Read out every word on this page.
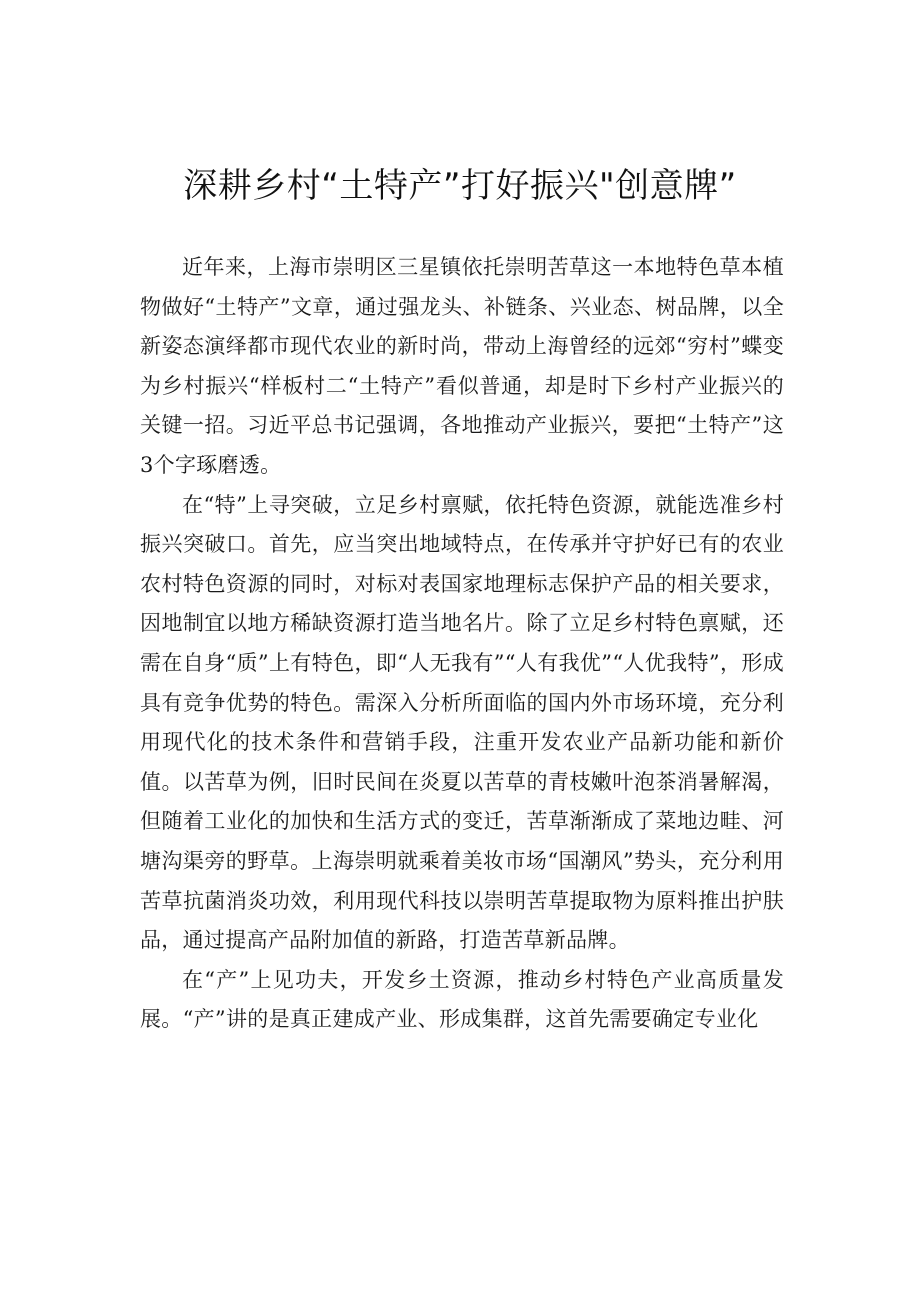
深耕乡村“土特产”打好振兴"创意牌”

近年来，上海市崇明区三星镇依托崇明苦草这一本地特色草本植物做好“土特产”文章，通过强龙头、补链条、兴业态、树品牌，以全新姿态演绎都市现代农业的新时尚，带动上海曾经的远郊“穷村”蝶变为乡村振兴“样板村二“土特产”看似普通，却是时下乡村产业振兴的关键一招。习近平总书记强调，各地推动产业振兴，要把“土特产”这3个字琢磨透。

在“特”上寻突破，立足乡村禀赋，依托特色资源，就能选准乡村振兴突破口。首先，应当突出地域特点，在传承并守护好已有的农业农村特色资源的同时，对标对表国家地理标志保护产品的相关要求，因地制宜以地方稀缺资源打造当地名片。除了立足乡村特色禀赋，还需在自身“质”上有特色，即“人无我有”“人有我优”“人优我特”，形成具有竞争优势的特色。需深入分析所面临的国内外市场环境，充分利用现代化的技术条件和营销手段，注重开发农业产品新功能和新价值。以苦草为例，旧时民间在炎夏以苦草的青枝嫩叶泡茶消暑解渴，但随着工业化的加快和生活方式的变迁，苦草渐渐成了菜地边畦、河塘沟渠旁的野草。上海崇明就乘着美妆市场“国潮风”势头，充分利用苦草抗菌消炎功效，利用现代科技以崇明苦草提取物为原料推出护肤品，通过提高产品附加值的新路，打造苦草新品牌。

在“产”上见功夫，开发乡土资源，推动乡村特色产业高质量发展。“产”讲的是真正建成产业、形成集群，这首先需要确定专业化
